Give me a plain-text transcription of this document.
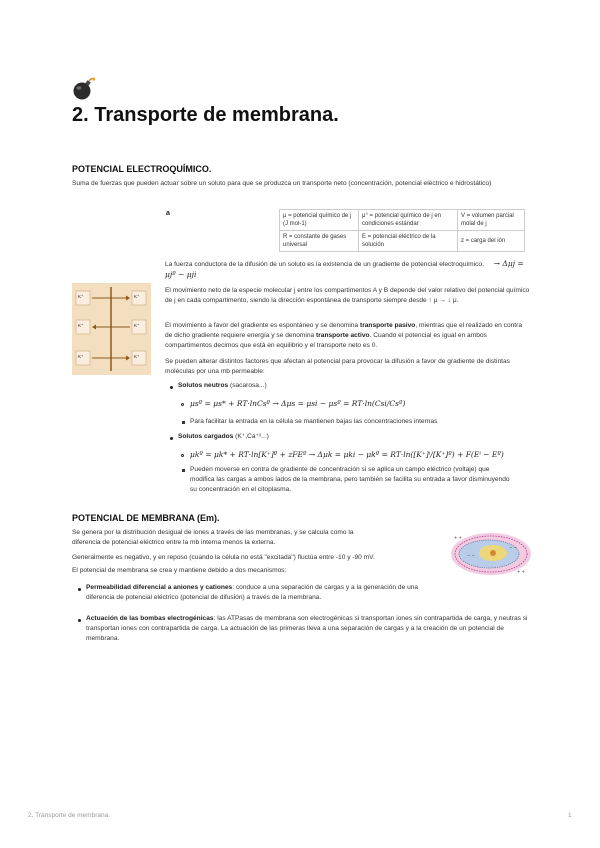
2. Transporte de membrana.
POTENCIAL ELECTROQUÍMICO.

Suma de fuerzas que pueden actuar sobre un soluto para que se produzca un transporte neto (concentración, potencial eléctrico e hidrostático)

a	μ = potencial químico de j (J mol-1)	μ° = potencial químico de j en condiciones estándar	V = volumen parcial molal de j
R = constante de gases universal	E = potencial eléctrico de la solución	z = carga del ión

La fuerza conductora de la difusión de un soluto es la existencia de un gradiente de potencial electroquímico. → Δμj = μjº − μji

K⁺
K⁺
K⁺
K⁺
K⁺
K⁺

El movimiento neto de la especie molecular j entre los compartimentos A y B depende del valor relativo del potencial químico de j en cada compartimento, siendo la dirección espontánea de transporte siempre desde ↑ μ → ↓ μ.

El movimiento a favor del gradiente es espontáneo y se denomina transporte pasivo, mientras que el realizado en contra de dicho gradiente requiere energía y se denomina transporte activo. Cuando el potencial es igual en ambos compartimentos decimos que está en equilibrio y el transporte neto es 0.

Se pueden alterar distintos factores que afectan al potencial para provocar la difusión a favor de gradiente de distintas moléculas por una mb permeable:

Solutos neutros (sacarosa...)

μsº = μs* + RT·lnCsº → Δμs = μsi − μsº = RT·ln(Csi/Csº)

Para facilitar la entrada en la célula se mantienen bajas las concentraciones internas

Solutos cargados (K⁺,Ca⁺²...)

μkº = μk* + RT·ln[K⁺]º + zFEº → Δμk = μki − μkº = RT·ln([K⁺]ⁱ/[K⁺]º) + F(Eⁱ − Eº)

Pueden moverse en contra de gradiente de concentración si se aplica un campo eléctrico (voltaje) que modifica las cargas a ambos lados de la membrana, pero también se facilita su entrada a favor disminuyendo su concentración en el citoplasma.

POTENCIAL DE MEMBRANA (Em).

Se genera por la distribución desigual de iones a través de las membranas, y se calcula como la diferencia de potencial eléctrico entre la mb interna menos la externa.

Generalmente es negativo, y en reposo (cuando la célula no está "excitada") fluctúa entre -10 y -90 mV.

El potencial de membrana se crea y mantiene debido a dos mecanismos:

+ +
+ +
− −
− −

Permeabilidad diferencial a aniones y cationes: conduce a una separación de cargas y a la generación de una diferencia de potencial eléctrico (potencial de difusión) a través de la membrana.

Actuación de las bombas electrogénicas: las ATPasas de membrana son electrogénicas si transportan iones sin contrapartida de carga, y neutras si transportan iones con contrapartida de carga. La actuación de las primeras lleva a una separación de cargas y a la creación de un potencial de membrana.

2. Transporte de membrana.	1
